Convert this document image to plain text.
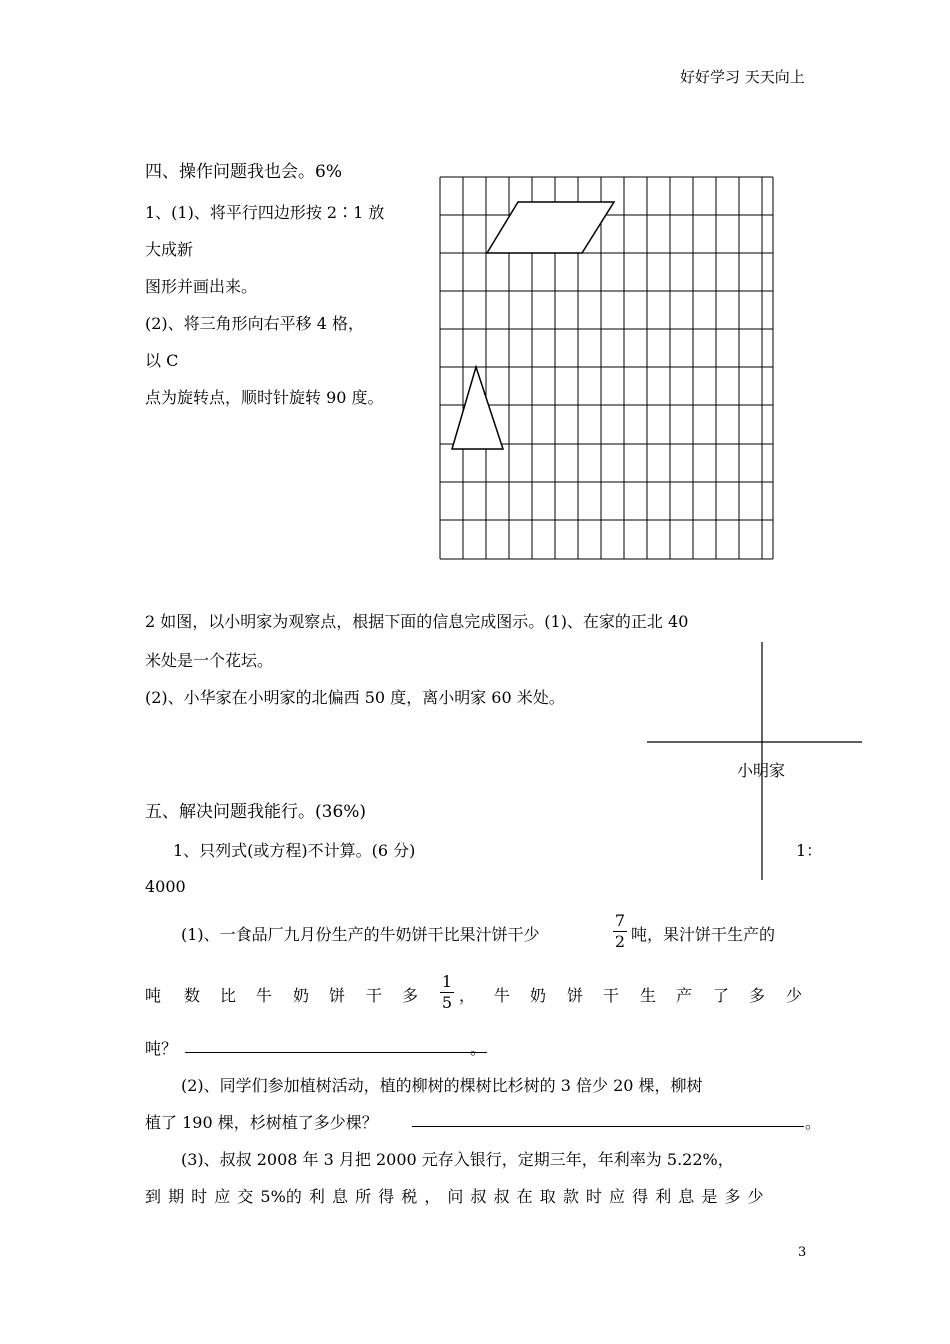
好好学习 天天向上
四、操作问题我也会。6%
1、(1)、将平行四边形按 2∶1 放
大成新
图形并画出来。
(2)、将三角形向右平移 4 格，
以 C
点为旋转点，顺时针旋转 90 度。
2 如图，以小明家为观察点，根据下面的信息完成图示。(1)、在家的正北 40
米处是一个花坛。
(2)、小华家在小明家的北偏西 50 度，离小明家 60 米处。
小明家
1：
4000
五、解决问题我能行。(36%)
1、只列式(或方程)不计算。(6 分)
(1)、一食品厂九月份生产的牛奶饼干比果汁饼干少
7
2 吨，果汁饼干生产的
吨 数 比 牛 奶 饼 干 多
1
5 ， 牛 奶 饼 干 生 产 了 多 少
吨？	。
(2)、同学们参加植树活动，植的柳树的棵树比杉树的 3 倍少 20 棵，柳树
植了 190 棵，杉树植了多少棵？	。
(3)、叔叔 2008 年 3 月把 2000 元存入银行，定期三年，年利率为 5.22%，
到 期 时 应 交 5%的 利 息 所 得 税 ， 问 叔 叔 在 取 款 时 应 得 利 息 是 多 少
3
